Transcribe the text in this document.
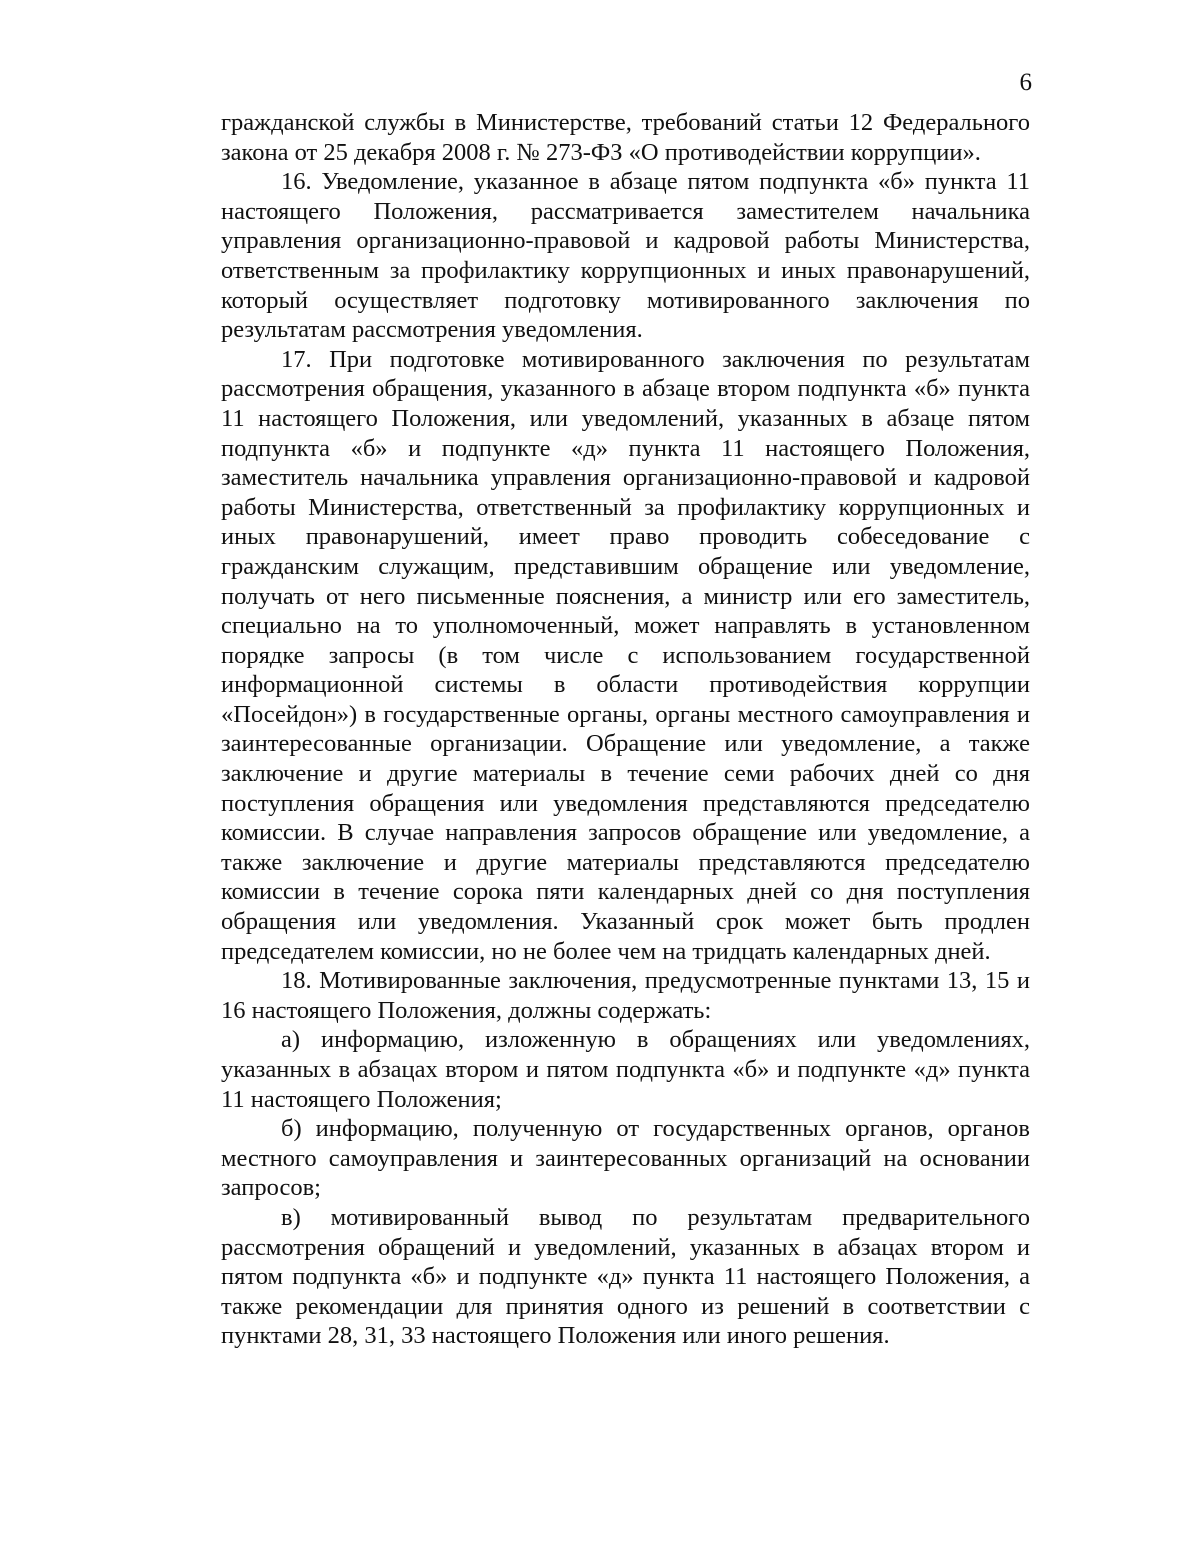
6

гражданской службы в Министерстве, требований статьи 12 Федерального закона от 25 декабря 2008 г. № 273-ФЗ «О противодействии коррупции».

16. Уведомление, указанное в абзаце пятом подпункта «б» пункта 11 настоящего Положения, рассматривается заместителем начальника управления организационно-правовой и кадровой работы Министерства, ответственным за профилактику коррупционных и иных правонарушений, который осуществляет подготовку мотивированного заключения по результатам рассмотрения уведомления.

17. При подготовке мотивированного заключения по результатам рассмотрения обращения, указанного в абзаце втором подпункта «б» пункта 11 настоящего Положения, или уведомлений, указанных в абзаце пятом подпункта «б» и подпункте «д» пункта 11 настоящего Положения, заместитель начальника управления организационно-правовой и кадровой работы Министерства, ответственный за профилактику коррупционных и иных правонарушений, имеет право проводить собеседование с гражданским служащим, представившим обращение или уведомление, получать от него письменные пояснения, а министр или его заместитель, специально на то уполномоченный, может направлять в установленном порядке запросы (в том числе с использованием государственной информационной системы в области противодействия коррупции «Посейдон») в государственные органы, органы местного самоуправления и заинтересованные организации. Обращение или уведомление, а также заключение и другие материалы в течение семи рабочих дней со дня поступления обращения или уведомления представляются председателю комиссии. В случае направления запросов обращение или уведомление, а также заключение и другие материалы представляются председателю комиссии в течение сорока пяти календарных дней со дня поступления обращения или уведомления. Указанный срок может быть продлен председателем комиссии, но не более чем на тридцать календарных дней.

18. Мотивированные заключения, предусмотренные пунктами 13, 15 и 16 настоящего Положения, должны содержать:

а) информацию, изложенную в обращениях или уведомлениях, указанных в абзацах втором и пятом подпункта «б» и подпункте «д» пункта 11 настоящего Положения;

б) информацию, полученную от государственных органов, органов местного самоуправления и заинтересованных организаций на основании запросов;

в) мотивированный вывод по результатам предварительного рассмотрения обращений и уведомлений, указанных в абзацах втором и пятом подпункта «б» и подпункте «д» пункта 11 настоящего Положения, а также рекомендации для принятия одного из решений в соответствии с пунктами 28, 31, 33 настоящего Положения или иного решения.
